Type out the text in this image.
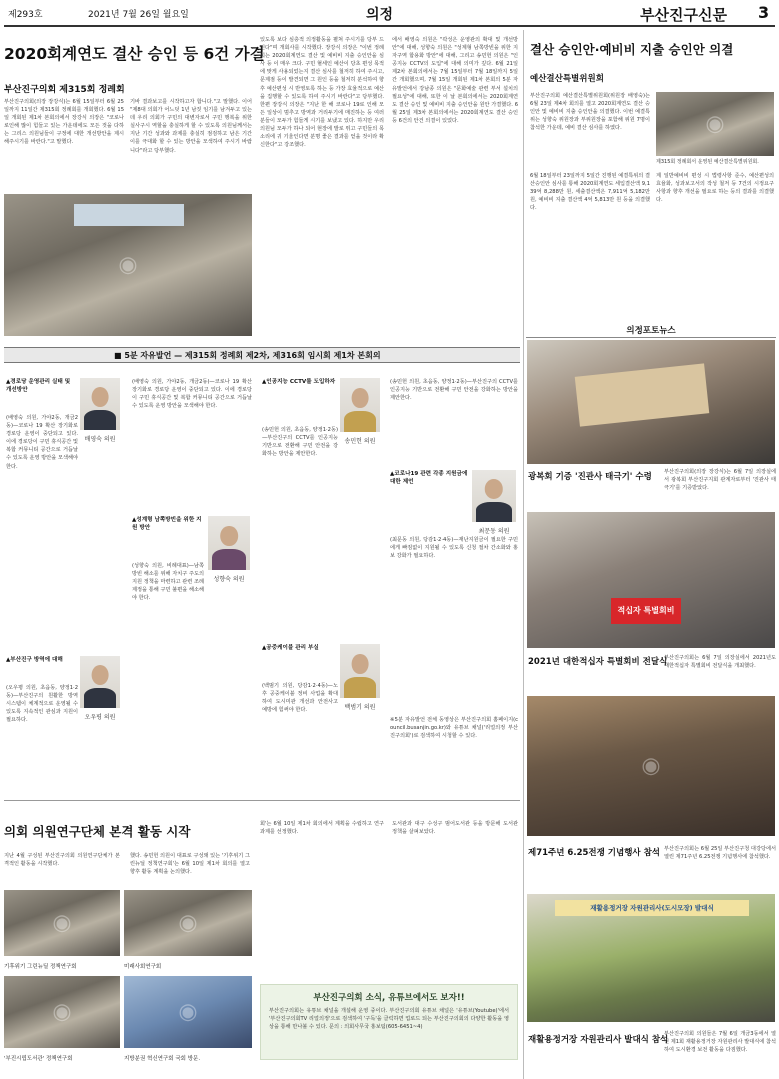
제293호	2021년 7월 26일 월요일	의정	부산진구신문 3
2020회계연도 결산 승인 등 6건 가결
부산진구의회 제315회 정례회
부산진구의회(의장 장강식)는 6월 15일부터 6월 25일까지 11일간 제315회 정례회를 개회했다. 6월 15일 개회된 제1차 본회의에서 장강식 의장은 "코로나로인해 많이 힘들고 있는 가운데에도 모든 것을 다하는 그리스 의원님들이 구정에 대한 개선방안을 제시해주시기를 바란다."고 말했다.
기바 결과보고를 시작하고자 합니다."고 말했다. 이어 "제8대 의회가 어느덧 1년 남짓 임기를 남겨두고 있는데 우리 의회가 구민의 대변자로서 구민 행복을 위한 실사구시 역할을 충실하게 할 수 있도록 의원님께서는 지난 기간 성과와 과제를 충실히 점검하고 남은 기간 이를 극대화 할 수 있는 방안을 모색하여 주시기 바랍니다"라고 당부했다.
◉
있도록 보다 심층적 의정활동을 펼쳐 주시기를 당부 드린다"며 개회사를 시작했다. 장강식 의장은 "이번 정례회는 2020회계연도 결산 및 예비비 지출 승인안을 심사 등 이 매우 크다. 구민 혈세인 예산이 당초 편성 목적에 맞게 사용되었는지 결산 심사를 철저히 하여 주시고, 문제점 등이 발견되면 그 원인 등을 철저히 분석하여 향후 예산편성 시 반영토록 하는 등 가장 효율적으로 예산을 집행할 수 있도록 하여 주시기 바란다"고 당부했다. 한편 장강식 의장은 "지난 한 해 코로나 19로 인해 모든 일상이 멈추고 방역과 거리두기에 매진하는 등 여러분들이 모두가 힘들게 시기를 보냈고 있다. 하지만 우리 의원님 모두가 하나 되어 현장에 발로 뛰고 구민들의 목소리에 귀 기울인다면 분명 좋은 결과를 얻을 것이라 확신한다"고 강조했다.
에서 배영숙 의원은 "곽성은 운영관의 확대 및 개선방안"에 대해, 성향숙 의원은 "성계형 남쪽방빈을 위한 지자구역 합용화 방안"에 대해, 그리고 송민헌 의원은 "인공지능 CCTV의 도입"에 대해 의미가 깊다. 6월 21일 제2차 본회의에서는 7월 15일부터 7월 18일까지 5일간 개회했으며, 7월 15일 개회된 제1차 본회의 5분 자유발언에서 강남종 의원은 "문화예술 관련 부서 설치의 필요성"에 대해, 또한 이 날 본회의에서는 2020회계연도 결산 승인 및 예비비 지출 승인안을 원안 가결했다. 6월 25일 제3차 본회의에서는 2020회계연도 결산 승인 등 6건의 안건 의결이 있었다.
결산 승인안·예비비 지출 승인안 의결
예산결산특별위원회
부산진구의회 예산결산특별위원회(위원장 배영숙)는 6월 23일 제4차 회의를 열고 2020회계연도 결산 승인안 및 예비비 지출 승인안을 의결했다. 이번 예결특위는 성향숙 위원장과 부위원장을 포함해 위원 7명이 참석한 가운데, 예비 결산 심사를 하였다.	◉
제315회 정례회서 운영된 예산결산특별위원회.
6월 18일부터 23일까지 5일간 진행된 예결특위의 결산승인안 심사를 통해 2020회계연도 세입결산액 9,139억 8,288만 원, 세출결산액은 7,911억 5,182만 원, 예비비 지출 결산액 4억 5,813만 원 등을 의결했다.
계 일반예비비 편성 시 법령사항 준수, 예산편성의 효율화, 성과보고서의 작성 철저 등 7건의 시정요구사항과 향후 개선을 필요로 하는 등의 결과를 의결했다.
의정포토뉴스
광복회 기증 '진관사 태극기' 수령	부산진구의회(의장 장강식)는 6월 7일 의장실에서 광복회 부산진구지회 관계자로부터 '진관사 태극기'를 기증받았다.
적십자 특별회비
2021년 대한적십자 특별회비 전달식
부산진구의회는 6월 7일 의장실에서 2021년도 대한적십자 특별회비 전달식을 개최했다.
◉
제71주년 6.25전쟁 기념행사 참석 부산진구의회는 6월 25일 부산진구청 대강당에서 열린 제71주년 6.25전쟁 기념행사에 참석했다.
재활용정거장 자원관리사(도시모장) 발대식
재활용정거장 자원관리사 발대식 참석
부산진구의회 의원들은 7월 6일 개금3동에서 열린 제1회 재활용정거장 자원관리사 발대식에 참석하여 도시환경 보전 활동을 다짐했다.
■ 5분 자유발언 — 제315회 정례회 제2차, 제316회 임시회 제1차 본회의
▲경로당 운영관리 실태 및 개선방안
배영숙 의원
(배영숙 의원, 가야2동, 개금2동)—코로나 19 확산 장기화로 경로당 운영이 중단되고 있다. 이에 경로당이 구민 휴식공간 및 복합 커뮤니티 공간으로 거듭날 수 있도록 운영 방안을 모색해야 한다.
▲부산진구 방역에 대해
오우평 의원
(오우평 의원, 초읍동, 양정1·2동)—부산진구의 원활한 방역 시스템이 체계적으로 운영될 수 있도록 지속적인 관심과 지원이 필요하다.
(배영숙 의원, 가야2동, 개금2동)—코로나 19 확산 장기화로 경로당 운영이 중단되고 있다. 이에 경로당이 구민 휴식공간 및 복합 커뮤니티 공간으로 거듭날 수 있도록 운영 방안을 모색해야 한다.
▲성계형 남쪽방빈을 위한 지원 방안
성향숙 의원
(성향숙 의원, 비례대표)—남쪽 방빈 해소를 위해 자치구 주도의 지원 정책을 마련하고 관련 조례 제정을 통해 구민 불편을 해소해야 한다.
▲인공지능 CCTV를 도입하자
송민헌 의원
(송민헌 의원, 초읍동, 양정1·2동)—부산진구의 CCTV를 인공지능 기반으로 전환해 구민 안전을 강화하는 방안을 제안한다.
▲공중케이블 관리 부실
백범기 의원
(백범기 의원, 당감1·2·4동)—노후 공중케이블 정비 사업을 확대하여 도시미관 개선과 안전사고 예방에 힘써야 한다.
(송민헌 의원, 초읍동, 양정1·2동)—부산진구의 CCTV를 인공지능 기반으로 전환해 구민 안전을 강화하는 방안을 제안한다.
▲코로나19 관련 각종 지원금에 대한 제언
최문동 의원
(최문동 의원, 당감1·2·4동)—재난지원금이 필요한 구민에게 빠짐없이 지원될 수 있도록 신청 절차 간소화와 홍보 강화가 필요하다.
※5분 자유발언 전체 동영상은 부산진구의회 홈페이지(council.busanjin.go.kr)와 유튜브 채널('리얼의정 부산진구의회')로 검색하여 시청할 수 있다.
의회 의원연구단체 본격 활동 시작
지난 4월 구성된 부산진구의회 의원연구단체가 본격적인 활동을 시작했다.
했다. 송민헌 의원이 대표로 구성돼 있는 '기후위기 그린뉴딜 정책연구회'는 6월 10일 제1차 회의를 열고 향후 활동 계획을 논의했다.
회'는 6월 10일 제1차 회의에서 계획을 수립하고 연구 과제를 선정했다.
도서관과 대구 수성구 범어도서관 등을 방문해 도서관 정책을 살펴보았다.
◉
기후위기 그린뉴딜 정책연구회
◉
미래사회연구회
◉
'부진시립도서관' 정책연구회
◉
지방분권 혁신연구회 국회 방문.
부산진구의회 소식, 유튜브에서도 보자!!
부산진구의회는 유튜브 채널을 개설해 운영 중이다. 부산진구의회 유튜브 채널은 '유튜브(Youtube)'에서 '부산진구의회TV 리얼의정'으로 검색하여 '구독'을 클릭하면 업로드 되는 부산진구의회의 다양한 활동을 영상을 통해 만나볼 수 있다. 문의 : 의회사무국 홍보팀(605-6451~4)
